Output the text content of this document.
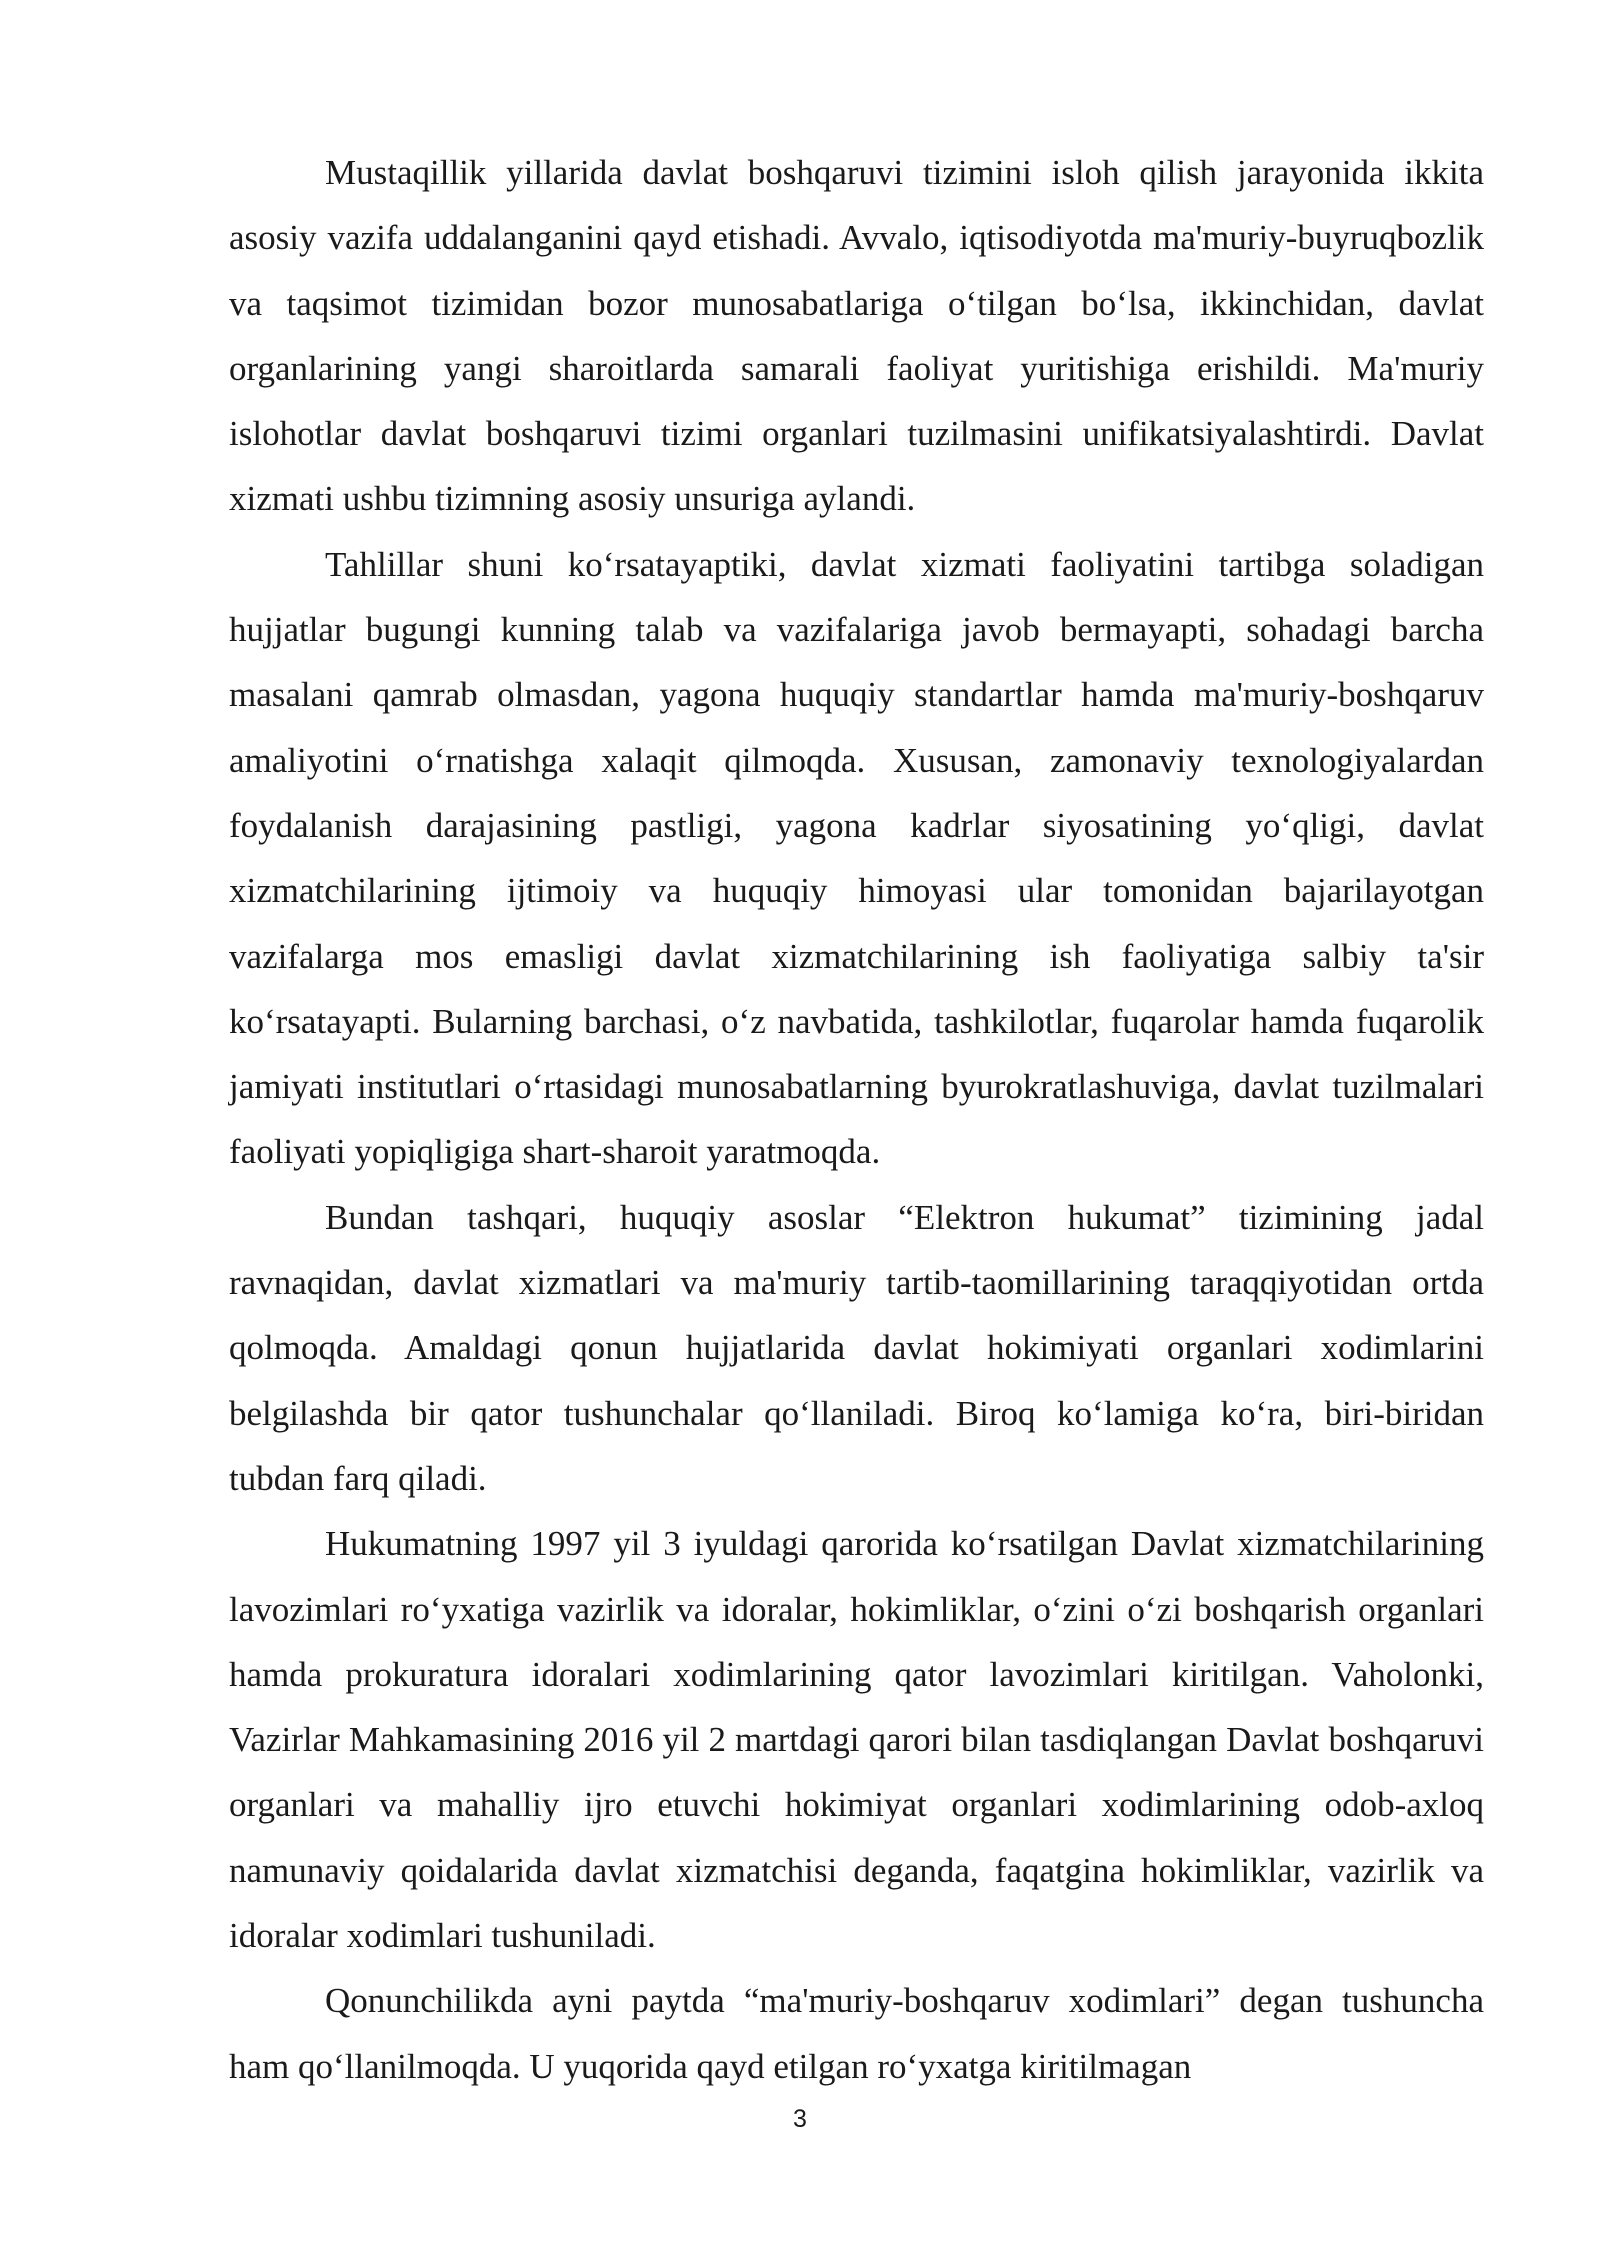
Mustaqillik yillarida davlat boshqaruvi tizimini isloh qilish jarayonida ikkita asosiy vazifa uddalanganini qayd etishadi. Avvalo, iqtisodiyotda ma'muriy-buyruqbozlik va taqsimot tizimidan bozor munosabatlariga o‘tilgan bo‘lsa, ikkinchidan, davlat organlarining yangi sharoitlarda samarali faoliyat yuritishiga erishildi. Ma'muriy islohotlar davlat boshqaruvi tizimi organlari tuzilmasini unifikatsiyalashtirdi. Davlat xizmati ushbu tizimning asosiy unsuriga aylandi.

Tahlillar shuni ko‘rsatayaptiki, davlat xizmati faoliyatini tartibga soladigan hujjatlar bugungi kunning talab va vazifalariga javob bermayapti, sohadagi barcha masalani qamrab olmasdan, yagona huquqiy standartlar hamda ma'muriy-boshqaruv amaliyotini o‘rnatishga xalaqit qilmoqda. Xususan, zamonaviy texnologiyalardan foydalanish darajasining pastligi, yagona kadrlar siyosatining yo‘qligi, davlat xizmatchilarining ijtimoiy va huquqiy himoyasi ular tomonidan bajarilayotgan vazifalarga mos emasligi davlat xizmatchilarining ish faoliyatiga salbiy ta'sir ko‘rsatayapti. Bularning barchasi, o‘z navbatida, tashkilotlar, fuqarolar hamda fuqarolik jamiyati institutlari o‘rtasidagi munosabatlarning byurokratlashuviga, davlat tuzilmalari faoliyati yopiqligiga shart-sharoit yaratmoqda.

Bundan tashqari, huquqiy asoslar “Elektron hukumat” tizimining jadal ravnaqidan, davlat xizmatlari va ma'muriy tartib-taomillarining taraqqiyotidan ortda qolmoqda. Amaldagi qonun hujjatlarida davlat hokimiyati organlari xodimlarini belgilashda bir qator tushunchalar qo‘llaniladi. Biroq ko‘lamiga ko‘ra, biri-biridan tubdan farq qiladi.

Hukumatning 1997 yil 3 iyuldagi qarorida ko‘rsatilgan Davlat xizmatchilarining lavozimlari ro‘yxatiga vazirlik va idoralar, hokimliklar, o‘zini o‘zi boshqarish organlari hamda prokuratura idoralari xodimlarining qator lavozimlari kiritilgan. Vaholonki, Vazirlar Mahkamasining 2016 yil 2 martdagi qarori bilan tasdiqlangan Davlat boshqaruvi organlari va mahalliy ijro etuvchi hokimiyat organlari xodimlarining odob-axloq namunaviy qoidalarida davlat xizmatchisi deganda, faqatgina hokimliklar, vazirlik va idoralar xodimlari tushuniladi.

Qonunchilikda ayni paytda “ma'muriy-boshqaruv xodimlari” degan tushuncha ham qo‘llanilmoqda. U yuqorida qayd etilgan ro‘yxatga kiritilmagan

3
